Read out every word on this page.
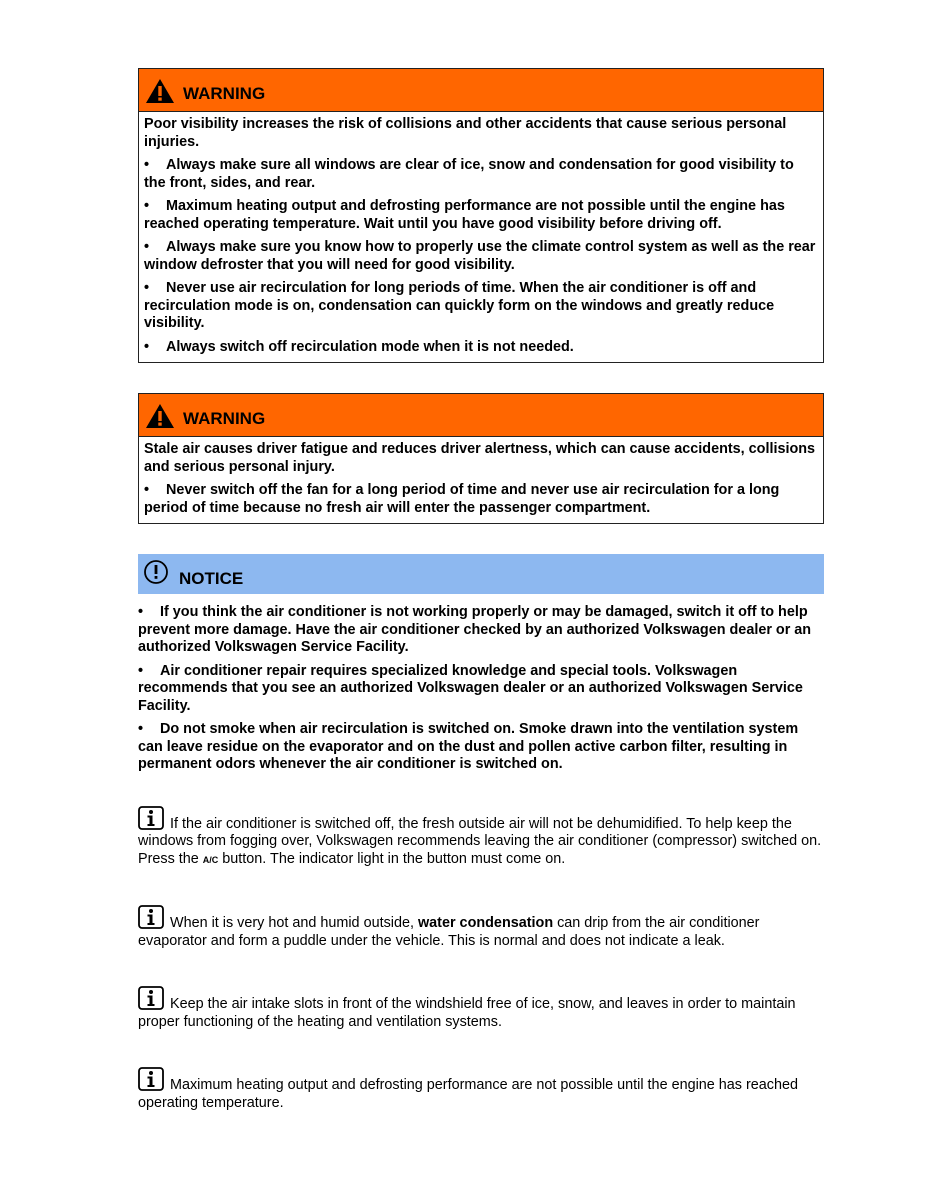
WARNING

Poor visibility increases the risk of collisions and other accidents that cause serious personal injuries.

• Always make sure all windows are clear of ice, snow and condensation for good visibility to the front, sides, and rear.

• Maximum heating output and defrosting performance are not possible until the engine has reached operating temperature. Wait until you have good visibility before driving off.

• Always make sure you know how to properly use the climate control system as well as the rear window defroster that you will need for good visibility.

• Never use air recirculation for long periods of time. When the air conditioner is off and recirculation mode is on, condensation can quickly form on the windows and greatly reduce visibility.

• Always switch off recirculation mode when it is not needed.

WARNING

Stale air causes driver fatigue and reduces driver alertness, which can cause accidents, collisions and serious personal injury.

• Never switch off the fan for a long period of time and never use air recirculation for a long period of time because no fresh air will enter the passenger compartment.

NOTICE

• If you think the air conditioner is not working properly or may be damaged, switch it off to help prevent more damage. Have the air conditioner checked by an authorized Volkswagen dealer or an authorized Volkswagen Service Facility.

• Air conditioner repair requires specialized knowledge and special tools. Volkswagen recommends that you see an authorized Volkswagen dealer or an authorized Volkswagen Service Facility.

• Do not smoke when air recirculation is switched on. Smoke drawn into the ventilation system can leave residue on the evaporator and on the dust and pollen active carbon filter, resulting in permanent odors whenever the air conditioner is switched on.

If the air conditioner is switched off, the fresh outside air will not be dehumidified. To help keep the windows from fogging over, Volkswagen recommends leaving the air conditioner (compressor) switched on. Press the A/C button. The indicator light in the button must come on.
When it is very hot and humid outside, water condensation can drip from the air conditioner evaporator and form a puddle under the vehicle. This is normal and does not indicate a leak.
Keep the air intake slots in front of the windshield free of ice, snow, and leaves in order to maintain proper functioning of the heating and ventilation systems.
Maximum heating output and defrosting performance are not possible until the engine has reached operating temperature.
